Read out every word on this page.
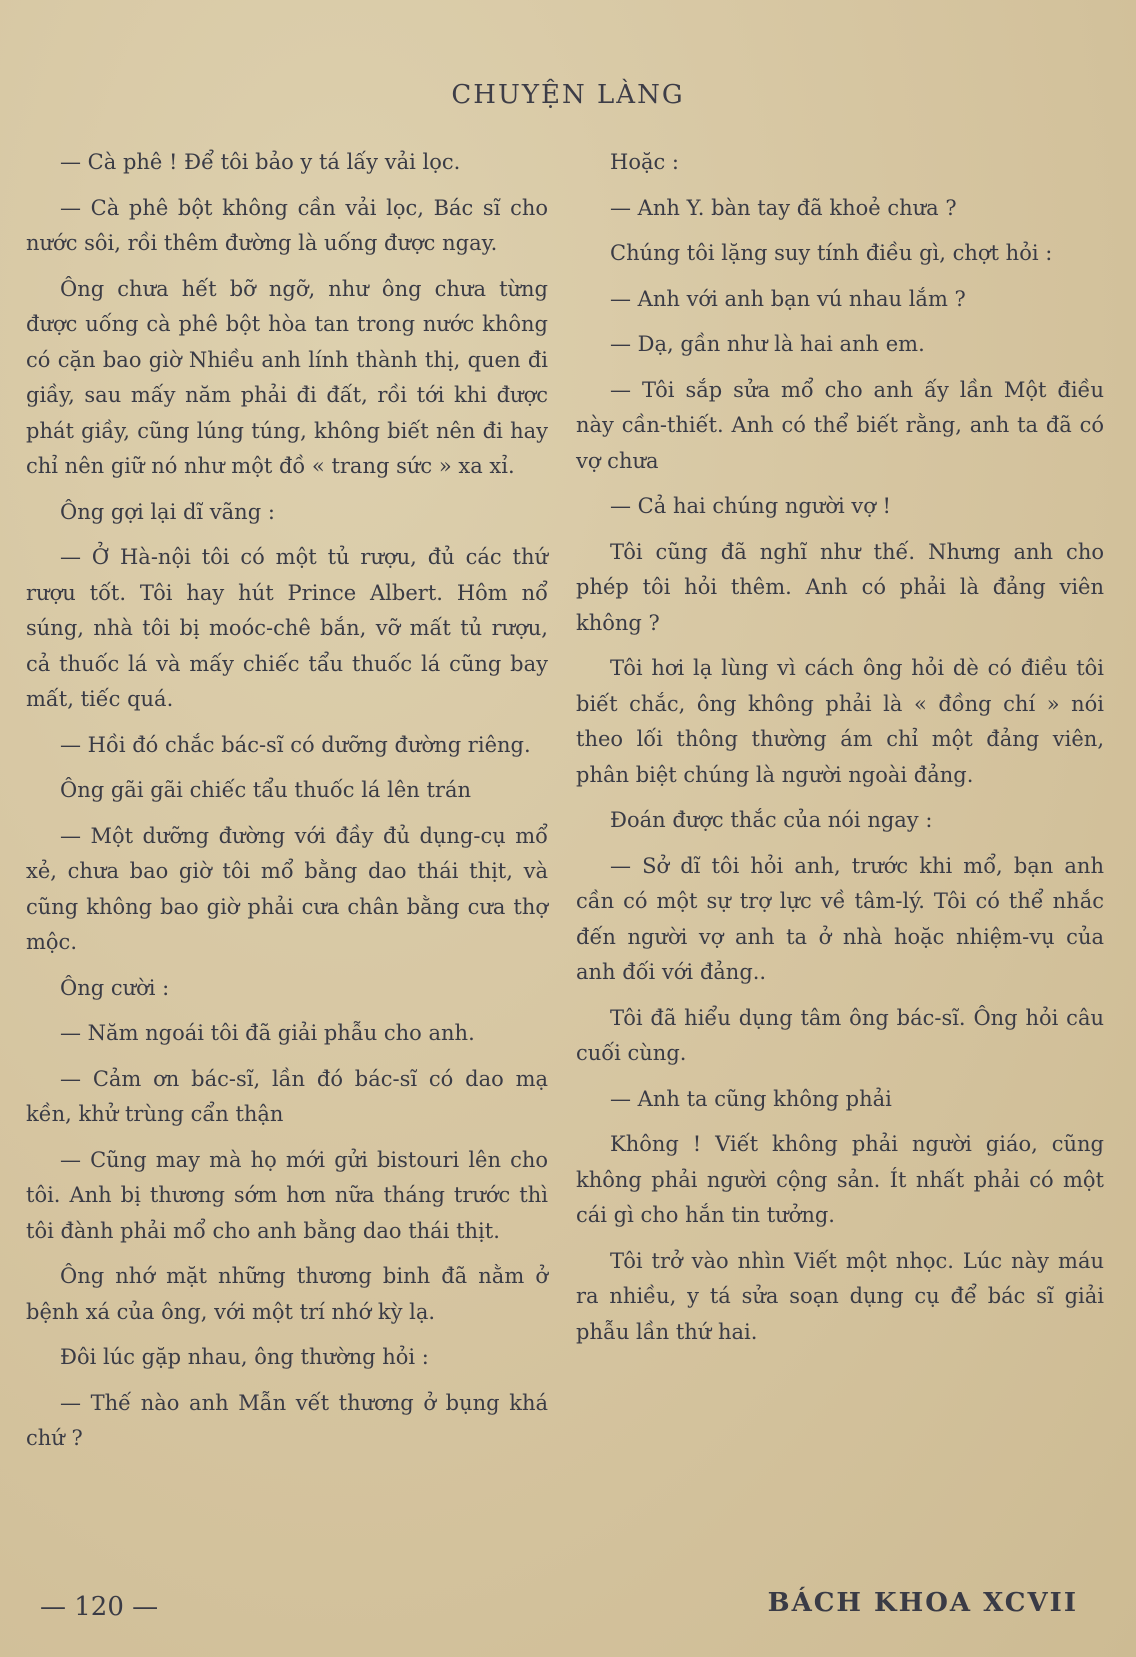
CHUYỆN LÀNG

— Cà phê ! Để tôi bảo y tá lấy vải lọc.

— Cà phê bột không cần vải lọc, Bác sĩ cho nước sôi, rồi thêm đường là uống được ngay.

Ông chưa hết bỡ ngỡ, như ông chưa từng được uống cà phê bột hòa tan trong nước không có cặn bao giờ Nhiều anh lính thành thị, quen đi giầy, sau mấy năm phải đi đất, rồi tới khi được phát giầy, cũng lúng túng, không biết nên đi hay chỉ nên giữ nó như một đồ « trang sức » xa xỉ.

Ông gợi lại dĩ vãng :

— Ở Hà-nội tôi có một tủ rượu, đủ các thứ rượu tốt. Tôi hay hút Prince Albert. Hôm nổ súng, nhà tôi bị moóc-chê bắn, vỡ mất tủ rượu, cả thuốc lá và mấy chiếc tẩu thuốc lá cũng bay mất, tiếc quá.

— Hồi đó chắc bác-sĩ có dưỡng đường riêng.

Ông gãi gãi chiếc tẩu thuốc lá lên trán

— Một dưỡng đường với đầy đủ dụng-cụ mổ xẻ, chưa bao giờ tôi mổ bằng dao thái thịt, và cũng không bao giờ phải cưa chân bằng cưa thợ mộc.

Ông cười :

— Năm ngoái tôi đã giải phẫu cho anh.

— Cảm ơn bác-sĩ, lần đó bác-sĩ có dao mạ kền, khử trùng cẩn thận

— Cũng may mà họ mới gửi bistouri lên cho tôi. Anh bị thương sớm hơn nữa tháng trước thì tôi đành phải mổ cho anh bằng dao thái thịt.

Ông nhớ mặt những thương binh đã nằm ở bệnh xá của ông, với một trí nhớ kỳ lạ.

Đôi lúc gặp nhau, ông thường hỏi :

— Thế nào anh Mẫn vết thương ở bụng khá chứ ?

Hoặc :

— Anh Y. bàn tay đã khoẻ chưa ?

Chúng tôi lặng suy tính điều gì, chợt hỏi :

— Anh với anh bạn vú nhau lắm ?

— Dạ, gần như là hai anh em.

— Tôi sắp sửa mổ cho anh ấy lần Một điều này cần-thiết. Anh có thể biết rằng, anh ta đã có vợ chưa

— Cả hai chúng người vợ !

Tôi cũng đã nghĩ như thế. Nhưng anh cho phép tôi hỏi thêm. Anh có phải là đảng viên không ?

Tôi hơi lạ lùng vì cách ông hỏi dè có điều tôi biết chắc, ông không phải là « đồng chí » nói theo lối thông thường ám chỉ một đảng viên, phân biệt chúng là người ngoài đảng.

Đoán được thắc của nói ngay :

— Sở dĩ tôi hỏi anh, trước khi mổ, bạn anh cần có một sự trợ lực về tâm-lý. Tôi có thể nhắc đến người vợ anh ta ở nhà hoặc nhiệm-vụ của anh đối với đảng..

Tôi đã hiểu dụng tâm ông bác-sĩ. Ông hỏi câu cuối cùng.

— Anh ta cũng không phải

Không ! Viết không phải người giáo, cũng không phải người cộng sản. Ít nhất phải có một cái gì cho hắn tin tưởng.

Tôi trở vào nhìn Viết một nhọc. Lúc này máu ra nhiều, y tá sửa soạn dụng cụ để bác sĩ giải phẫu lần thứ hai.

— 120 —	BÁCH KHOA XCVII
